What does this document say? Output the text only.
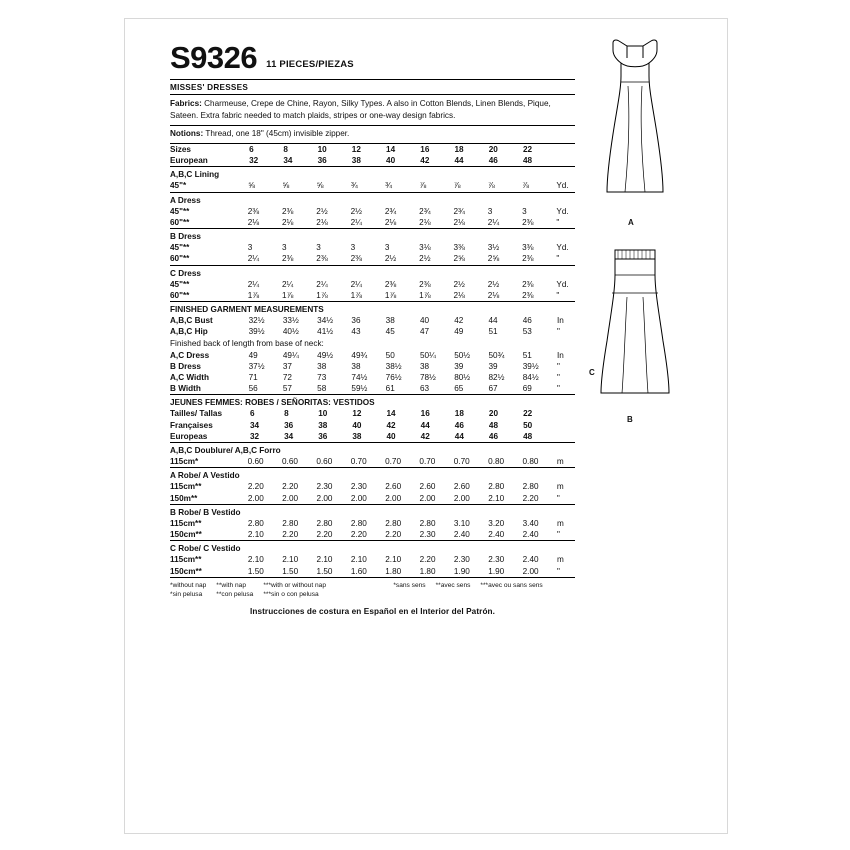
A
C
B
S9326 11 PIECES/PIEZAS
MISSES' DRESSES
Fabrics: Charmeuse, Crepe de Chine, Rayon, Silky Types. A also in Cotton Blends, Linen Blends, Pique, Sateen. Extra fabric needed to match plaids, stripes or one-way design fabrics.
Notions: Thread, one 18" (45cm) invisible zipper.
Sizes	6	8	10	12	14	16	18	20	22	
European	32	34	36	38	40	42	44	46	48	
A,B,C Lining
45"*	⅝	⅝	⅝	¾	¾	⅞	⅞	⅞	⅞	Yd.
A Dress										
45"**	2⅜	2⅜	2½	2½	2¾	2¾	2¾	3	3	Yd.
60"**	2⅛	2⅛	2⅛	2¼	2⅛	2⅛	2⅛	2¼	2⅜	"
B Dress										
45"**	3	3	3	3	3	3⅛	3⅜	3½	3⅜	Yd.
60"**	2¼	2⅜	2⅜	2⅜	2½	2½	2⅝	2⅝	2⅜	"
C Dress										
45"**	2¼	2¼	2¼	2¼	2⅜	2⅜	2½	2½	2⅜	Yd.
60"**	1⅞	1⅞	1⅞	1⅞	1⅞	1⅞	2⅛	2⅛	2⅜	"
FINISHED GARMENT MEASUREMENTS										
A,B,C Bust	32½	33½	34½	36	38	40	42	44	46	In
A,B,C Hip	39½	40½	41½	43	45	47	49	51	53	"
Finished back of length from base of neck:										
A,C Dress	49	49¼	49½	49¾	50	50¼	50½	50¾	51	In
B Dress	37½	37	38	38	38½	38	39	39	39½	"
A,C Width	71	72	73	74½	76½	78½	80½	82½	84½	"
B Width	56	57	58	59½	61	63	65	67	69	"
JEUNES FEMMES: ROBES / SEÑORITAS: VESTIDOS										
Tailles/ Tallas	6	8	10	12	14	16	18	20	22	
Françaises	34	36	38	40	42	44	46	48	50	
Europeas	32	34	36	38	40	42	44	46	48	
A,B,C Doublure/ A,B,C Forro
115cm*	0.60	0.60	0.60	0.70	0.70	0.70	0.70	0.80	0.80	m
A Robe/ A Vestido										
115cm**	2.20	2.20	2.30	2.30	2.60	2.60	2.60	2.80	2.80	m
150m**	2.00	2.00	2.00	2.00	2.00	2.00	2.00	2.10	2.20	"
B Robe/ B Vestido										
115cm**	2.80	2.80	2.80	2.80	2.80	2.80	3.10	3.20	3.40	m
150cm**	2.10	2.20	2.20	2.20	2.20	2.30	2.40	2.40	2.40	"
C Robe/ C Vestido										
115cm**	2.10	2.10	2.10	2.10	2.10	2.20	2.30	2.30	2.40	m
150cm**	1.50	1.50	1.50	1.60	1.80	1.80	1.90	1.90	2.00	"
*without nap
*sin pelusa
**with nap
**con pelusa
***with or without nap
***sin o con pelusa
*sans sens **avec sens ***avec ou sans sens
Instrucciones de costura en Español en el Interior del Patrón.
